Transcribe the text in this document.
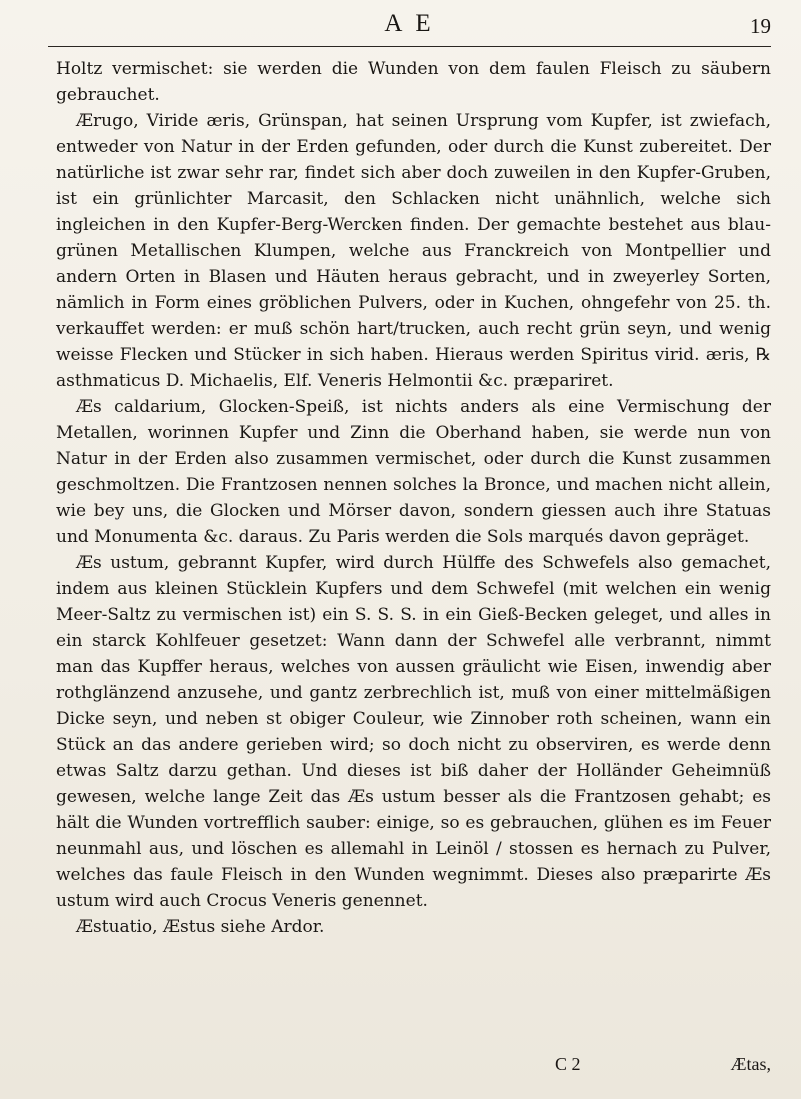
A E	19

Holtz vermischet: sie werden die Wunden von dem faulen Fleisch zu säubern gebrauchet.

Ærugo, Viride æris, Grünspan, hat seinen Ursprung vom Kupfer, ist zwiefach, entweder von Natur in der Erden gefunden, oder durch die Kunst zubereitet. Der natürliche ist zwar sehr rar, findet sich aber doch zuweilen in den Kupfer-Gruben, ist ein grünlichter Marcasit, den Schlacken nicht unähnlich, welche sich ingleichen in den Kupfer-Berg-Wercken finden. Der gemachte bestehet aus blau-grünen Metallischen Klumpen, welche aus Franckreich von Montpellier und andern Orten in Blasen und Häuten heraus gebracht, und in zweyerley Sorten, nämlich in Form eines gröblichen Pulvers, oder in Kuchen, ohngefehr von 25. th. verkauffet werden: er muß schön hart/trucken, auch recht grün seyn, und wenig weisse Flecken und Stücker in sich haben. Hieraus werden Spiritus virid. æris, ℞ asthmaticus D. Michaelis, Elf. Veneris Helmontii &c. præpariret.

Æs caldarium, Glocken-Speiß, ist nichts anders als eine Vermischung der Metallen, worinnen Kupfer und Zinn die Oberhand haben, sie werde nun von Natur in der Erden also zusammen vermischet, oder durch die Kunst zusammen geschmoltzen. Die Frantzosen nennen solches la Bronce, und machen nicht allein, wie bey uns, die Glocken und Mörser davon, sondern giessen auch ihre Statuas und Monumenta &c. daraus. Zu Paris werden die Sols marqués davon gepräget.

Æs ustum, gebrannt Kupfer, wird durch Hülffe des Schwefels also gemachet, indem aus kleinen Stücklein Kupfers und dem Schwefel (mit welchen ein wenig Meer-Saltz zu vermischen ist) ein S. S. S. in ein Gieß-Becken geleget, und alles in ein starck Kohlfeuer gesetzet: Wann dann der Schwefel alle verbrannt, nimmt man das Kupffer heraus, welches von aussen gräulicht wie Eisen, inwendig aber rothglänzend anzusehe, und gantz zerbrechlich ist, muß von einer mittelmäßigen Dicke seyn, und neben st obiger Couleur, wie Zinnober roth scheinen, wann ein Stück an das andere gerieben wird; so doch nicht zu observiren, es werde denn etwas Saltz darzu gethan. Und dieses ist biß daher der Holländer Geheimnüß gewesen, welche lange Zeit das Æs ustum besser als die Frantzosen gehabt; es hält die Wunden vortrefflich sauber: einige, so es gebrauchen, glühen es im Feuer neunmahl aus, und löschen es allemahl in Leinöl / stossen es hernach zu Pulver, welches das faule Fleisch in den Wunden wegnimmt. Dieses also præparirte Æs ustum wird auch Crocus Veneris genennet.

Æstuatio, Æstus siehe Ardor.

C 2	Ætas,
